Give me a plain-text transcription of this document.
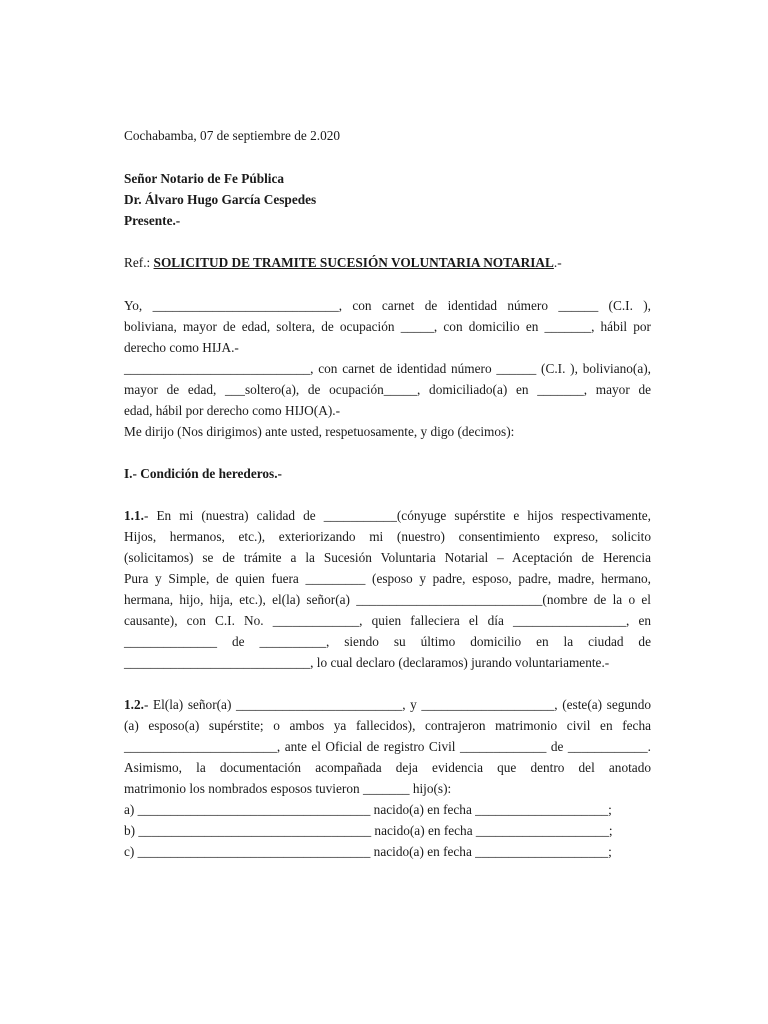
Cochabamba, 07 de septiembre de 2.020
Señor Notario de Fe Pública
Dr. Álvaro Hugo García Cespedes
Presente.-
Ref.: SOLICITUD DE TRAMITE SUCESIÓN VOLUNTARIA NOTARIAL.-
Yo, ____________________________, con carnet de identidad número ______ (C.I. ),
boliviana, mayor de edad, soltera, de ocupación _____, con domicilio en _______, hábil por
derecho como HIJA.-
____________________________, con carnet de identidad número ______ (C.I. ), boliviano(a),
mayor de edad, ___soltero(a), de ocupación_____, domiciliado(a) en _______, mayor de
edad, hábil por derecho como HIJO(A).-
Me dirijo (Nos dirigimos) ante usted, respetuosamente, y digo (decimos):
I.- Condición de herederos.-
1.1.- En mi (nuestra) calidad de ___________(cónyuge supérstite e hijos respectivamente,
Hijos, hermanos, etc.), exteriorizando mi (nuestro) consentimiento expreso, solicito
(solicitamos) se de trámite a la Sucesión Voluntaria Notarial – Aceptación de Herencia
Pura y Simple, de quien fuera _________ (esposo y padre, esposo, padre, madre, hermano,
hermana, hijo, hija, etc.), el(la) señor(a) ____________________________(nombre de la o el
causante), con C.I. No. _____________, quien falleciera el día _________________, en
______________ de __________, siendo su último domicilio en la ciudad de
____________________________, lo cual declaro (declaramos) jurando voluntariamente.-
1.2.- El(la) señor(a) _________________________, y ____________________, (este(a) segundo
(a) esposo(a) supérstite; o ambos ya fallecidos), contrajeron matrimonio civil en fecha
_______________________, ante el Oficial de registro Civil _____________ de ____________.
Asimismo, la documentación acompañada deja evidencia que dentro del anotado
matrimonio los nombrados esposos tuvieron _______ hijo(s):
a) ___________________________________ nacido(a) en fecha ____________________;
b) ___________________________________ nacido(a) en fecha ____________________;
c) ___________________________________ nacido(a) en fecha ____________________;
